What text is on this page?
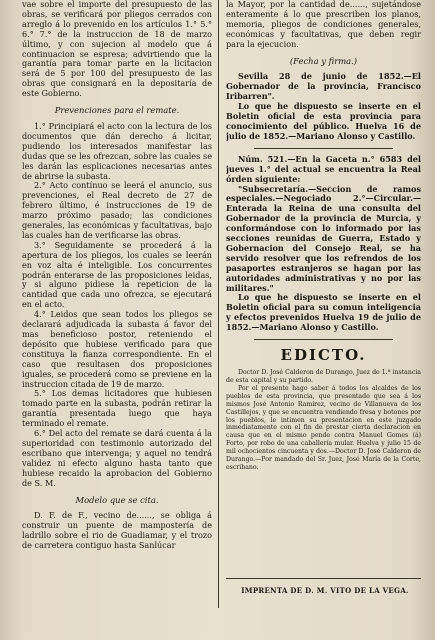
vae sobre el importe del presupuesto de las obras, se verificará por pliegos cerrados con arreglo á lo prevenido en los artículos 1.° 5.° 6.° 7.° de la instruccion de 18 de marzo último, y con sujecion al modelo que á continuacion se espresa; advirtiendo que la garantía para tomar parte en la licitacion será de 5 por 100 del presupuesto de las obras que consignará en la depositaría de este Gobierno.

Prevenciones para el remate.

1.° Principiará el acto con la lectura de los documentos que dán derecho á licitar, pudiendo los interesados manifestar las dudas que se les ofrezcan, sobre las cuales se les darán las esplicaciones necesarias antes de abrirse la subasta.

2.° Acto contínuo se leerá el anuncio, sus prevenciones, el Real decreto de 27 de febrero último, é instrucciones de 19 de marzo próximo pasado; las condiciones generales, las económicas y facultativas, bajo las cuales han de verificarse las obras.

3.° Seguidamente se procederá á la apertura de los pliegos, los cuales se leerán en voz alta é inteligible. Los concurrentes podrán enterarse de las proposiciones leidas, y si alguno pidiese la repeticion de la cantidad que cada uno ofrezca, se ejecutará en el acto.

4.° Leidos que sean todos los pliegos se declarará adjudicada la subasta á favor del mas beneficioso postor, reteniendo el depósito que hubiese verificado para que constituya la fianza correspondiente. En el caso que resultasen dos proposiciones iguales, se procederá como se previene en la instruccion citada de 19 de marzo.

5.° Los demas licitadores que hubiesen tomado parte en la subasta, podrán retirar la garantía presentada luego que haya terminado el remate.

6.° Del acto del remate se dará cuenta á la superioridad con testimonio autorizado del escribano que intervenga; y aquel no tendrá validez ni efecto alguno hasta tanto que hubiese recaido la aprobacion del Gobierno de S. M.

Modelo que se cita.

D. F. de F., vecino de......, se obliga á construir un puente de mampostería de ladrillo sobre el rio de Guadiamar, y el trozo de carretera contiguo hasta Sanlúcar

la Mayor, por la cantidad de......, sujetándose enteramente á lo que prescriben los planos, memoria, pliegos de condiciones generales, económicas y facultativas, que deben regir para la ejecucion.

(Fecha y firma.)

Sevilla 28 de junio de 1852.—El Gobernador de la provincia, Francisco Iribarren".

Lo que he dispuesto se inserte en el Boletin oficial de esta provincia para conocimiento del público. Huelva 16 de julio de 1852.—Mariano Alonso y Castillo.

Núm. 521.—En la Gaceta n.° 6583 del jueves 1.° del actual se encuentra la Real órden siguiente:

"Subsecretaría.—Seccion de ramos especiales.—Negociado 2.°—Circular.—Enterada la Reina de una consulta del Gobernador de la provincia de Murcia, y conformándose con lo informado por las secciones reunidas de Guerra, Estado y Gobernacion del Consejo Real, se ha servido resolver que los refrendos de los pasaportes estranjeros se hagan por las autoridades administrativas y no por las militares."

Lo que he dispuesto se inserte en el Boletin oficial para su comun inteligencia y efectos prevenidos Huelva 19 de julio de 1852.—Mariano Alonso y Castillo.

EDICTO.

Doctor D. José Calderon de Durango, Juez de 1.ª instancia de esta capital y su partido.

Por el presente hago saber á todos los alcaldes de los pueblos de esta provincia, que presentado que sea á los mismos José Antonio Ramirez, vecino de Villanueva de los Castillejos, y que se encuentra vendiendo fresa y botones por los pueblos, le intimen su presentacion en este juzgado inmediatamente con el fin de prestar cierta declaracion en causa que en el mismo pende contra Manuel Gomes (á) Forto, por robo de una caballería mular. Huelva y julio 15 de mil ochocientos cincuenta y dos.—Doctor D. José Calderon de Durango.—Por mandado del Sr. Juez, José María de la Corte, escribano.

IMPRENTA DE D. M. VITO DE LA VEGA.
